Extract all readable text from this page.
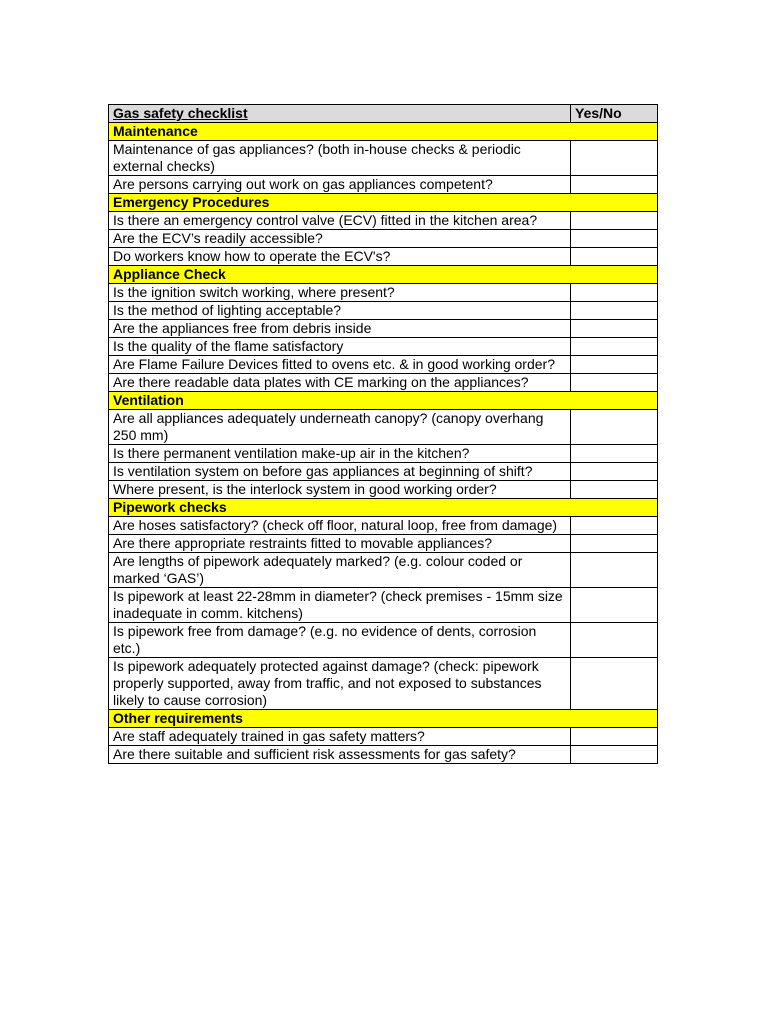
Gas safety checklist	Yes/No
Maintenance	
Maintenance of gas appliances? (both in-house checks & periodic external checks)	
Are persons carrying out work on gas appliances competent?	
Emergency Procedures	
Is there an emergency control valve (ECV) fitted in the kitchen area?	
Are the ECV’s readily accessible?	
Do workers know how to operate the ECV's?	
Appliance Check	
Is the ignition switch working, where present?	
Is the method of lighting acceptable?	
Are the appliances free from debris inside	
Is the quality of the flame satisfactory	
Are Flame Failure Devices fitted to ovens etc. & in good working order?	
Are there readable data plates with CE marking on the appliances?	
Ventilation	
Are all appliances adequately underneath canopy? (canopy overhang 250 mm)	
Is there permanent ventilation make-up air in the kitchen?	
Is ventilation system on before gas appliances at beginning of shift?	
Where present, is the interlock system in good working order?	
Pipework checks	
Are hoses satisfactory? (check off floor, natural loop, free from damage)	
Are there appropriate restraints fitted to movable appliances?	
Are lengths of pipework adequately marked? (e.g. colour coded or marked ‘GAS’)	
Is pipework at least 22-28mm in diameter? (check premises - 15mm size inadequate in comm. kitchens)	
Is pipework free from damage? (e.g. no evidence of dents, corrosion etc.)	
Is pipework adequately protected against damage? (check: pipework properly supported, away from traffic, and not exposed to substances likely to cause corrosion)	
Other requirements	
Are staff adequately trained in gas safety matters?	
Are there suitable and sufficient risk assessments for gas safety?	
